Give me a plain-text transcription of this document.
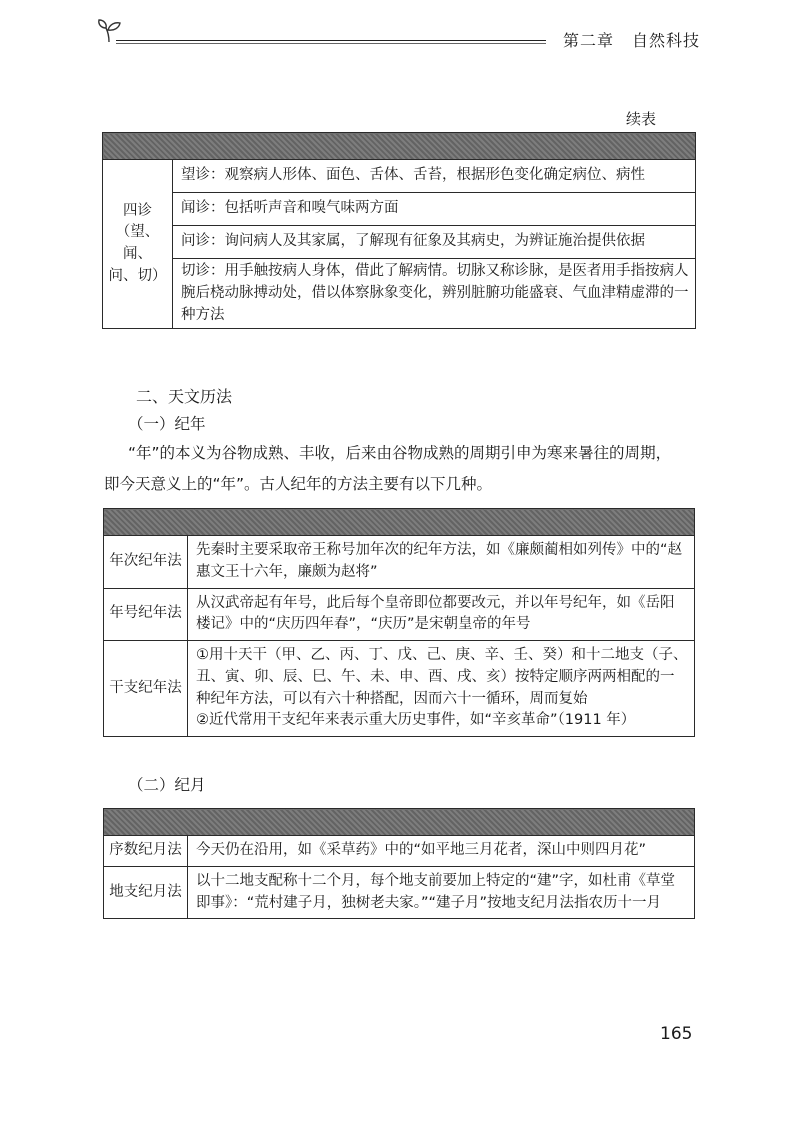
第二章 自然科技
续表

四诊
（望、闻、
问、切）
	望诊：观察病人形体、面色、舌体、舌苔，根据形色变化确定病位、病性
闻诊：包括听声音和嗅气味两方面
问诊：询问病人及其家属，了解现有征象及其病史，为辨证施治提供依据
切诊：用手触按病人身体，借此了解病情。切脉又称诊脉，是医者用手指按病人腕后桡动脉搏动处，借以体察脉象变化，辨别脏腑功能盛衰、气血津精虚滞的一种方法
二、天文历法
（一）纪年
“年”的本义为谷物成熟、丰收，后来由谷物成熟的周期引申为寒来暑往的周期，
即今天意义上的“年”。古人纪年的方法主要有以下几种。

年次纪年法	先秦时主要采取帝王称号加年次的纪年方法，如《廉颇蔺相如列传》中的“赵惠文王十六年，廉颇为赵将”
年号纪年法	从汉武帝起有年号，此后每个皇帝即位都要改元，并以年号纪年，如《岳阳楼记》中的“庆历四年春”，“庆历”是宋朝皇帝的年号
干支纪年法	①用十天干（甲、乙、丙、丁、戊、己、庚、辛、壬、癸）和十二地支（子、丑、寅、卯、辰、巳、午、未、申、酉、戌、亥）按特定顺序两两相配的一种纪年方法，可以有六十种搭配，因而六十一循环，周而复始
②近代常用干支纪年来表示重大历史事件，如“辛亥革命”（1911 年）
（二）纪月

序数纪月法	今天仍在沿用，如《采草药》中的“如平地三月花者，深山中则四月花”
地支纪月法	以十二地支配称十二个月，每个地支前要加上特定的“建”字，如杜甫《草堂即事》：“荒村建子月，独树老夫家。”“建子月”按地支纪月法指农历十一月
165
